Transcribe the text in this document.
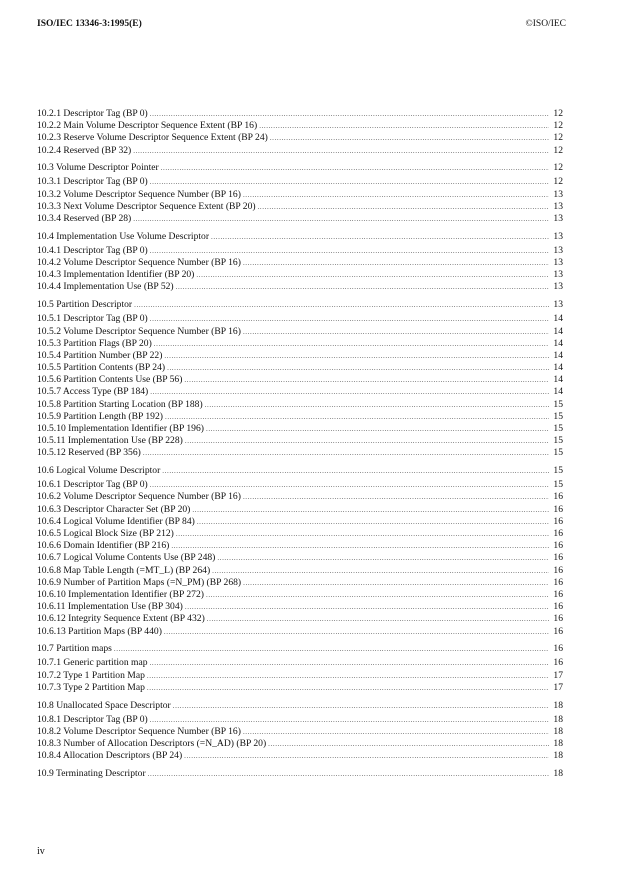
ISO/IEC 13346-3:1995(E)	©ISO/IEC
10.2.1 Descriptor Tag (BP 0) .....	12
10.2.2 Main Volume Descriptor Sequence Extent (BP 16) .....	12
10.2.3 Reserve Volume Descriptor Sequence Extent (BP 24) .....	12
10.2.4 Reserved (BP 32) .....	12
10.3 Volume Descriptor Pointer .....	12
10.3.1 Descriptor Tag (BP 0) .....	12
10.3.2 Volume Descriptor Sequence Number (BP 16) .....	13
10.3.3 Next Volume Descriptor Sequence Extent (BP 20) .....	13
10.3.4 Reserved (BP 28) .....	13
10.4 Implementation Use Volume Descriptor .....	13
10.4.1 Descriptor Tag (BP 0) .....	13
10.4.2 Volume Descriptor Sequence Number (BP 16) .....	13
10.4.3 Implementation Identifier (BP 20) .....	13
10.4.4 Implementation Use (BP 52) .....	13
10.5 Partition Descriptor .....	13
10.5.1 Descriptor Tag (BP 0) .....	14
10.5.2 Volume Descriptor Sequence Number (BP 16) .....	14
10.5.3 Partition Flags (BP 20) .....	14
10.5.4 Partition Number (BP 22) .....	14
10.5.5 Partition Contents (BP 24) .....	14
10.5.6 Partition Contents Use (BP 56) .....	14
10.5.7 Access Type (BP 184) .....	14
10.5.8 Partition Starting Location (BP 188) .....	15
10.5.9 Partition Length (BP 192) .....	15
10.5.10 Implementation Identifier (BP 196) .....	15
10.5.11 Implementation Use (BP 228) .....	15
10.5.12 Reserved (BP 356) .....	15
10.6 Logical Volume Descriptor .....	15
10.6.1 Descriptor Tag (BP 0) .....	15
10.6.2 Volume Descriptor Sequence Number (BP 16) .....	16
10.6.3 Descriptor Character Set (BP 20) .....	16
10.6.4 Logical Volume Identifier (BP 84) .....	16
10.6.5 Logical Block Size (BP 212) .....	16
10.6.6 Domain Identifier (BP 216) .....	16
10.6.7 Logical Volume Contents Use (BP 248) .....	16
10.6.8 Map Table Length (=MT_L) (BP 264) .....	16
10.6.9 Number of Partition Maps (=N_PM) (BP 268) .....	16
10.6.10 Implementation Identifier (BP 272) .....	16
10.6.11 Implementation Use (BP 304) .....	16
10.6.12 Integrity Sequence Extent (BP 432) .....	16
10.6.13 Partition Maps (BP 440) .....	16
10.7 Partition maps .....	16
10.7.1 Generic partition map .....	16
10.7.2 Type 1 Partition Map .....	17
10.7.3 Type 2 Partition Map .....	17
10.8 Unallocated Space Descriptor .....	18
10.8.1 Descriptor Tag (BP 0) .....	18
10.8.2 Volume Descriptor Sequence Number (BP 16) .....	18
10.8.3 Number of Allocation Descriptors (=N_AD) (BP 20) .....	18
10.8.4 Allocation Descriptors (BP 24) .....	18
10.9 Terminating Descriptor .....	18
iv
